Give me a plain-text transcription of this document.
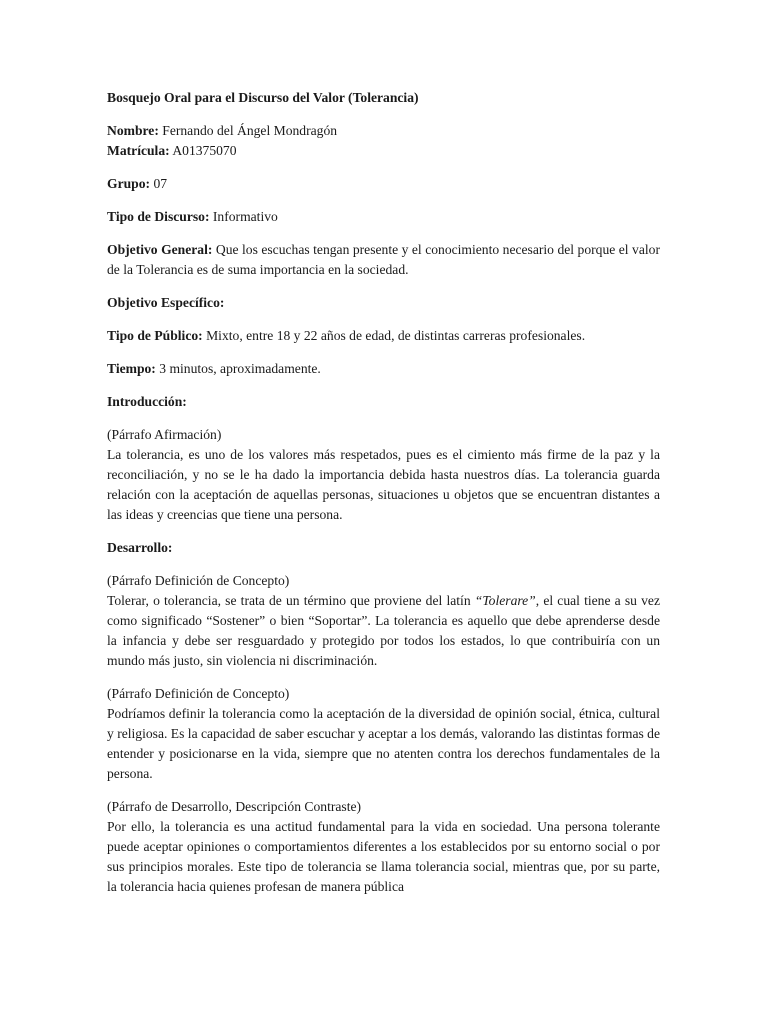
Bosquejo Oral para el Discurso del Valor (Tolerancia)

Nombre: Fernando del Ángel Mondragón

Matrícula: A01375070

Grupo: 07

Tipo de Discurso: Informativo

Objetivo General: Que los escuchas tengan presente y el conocimiento necesario del porque el valor de la Tolerancia es de suma importancia en la sociedad.

Objetivo Específico:

Tipo de Público: Mixto, entre 18 y 22 años de edad, de distintas carreras profesionales.

Tiempo: 3 minutos, aproximadamente.

Introducción:

(Párrafo Afirmación)

La tolerancia, es uno de los valores más respetados, pues es el cimiento más firme de la paz y la reconciliación, y no se le ha dado la importancia debida hasta nuestros días. La tolerancia guarda relación con la aceptación de aquellas personas, situaciones u objetos que se encuentran distantes a las ideas y creencias que tiene una persona.

Desarrollo:

(Párrafo Definición de Concepto)

Tolerar, o tolerancia, se trata de un término que proviene del latín “Tolerare”, el cual tiene a su vez como significado “Sostener” o bien “Soportar”. La tolerancia es aquello que debe aprenderse desde la infancia y debe ser resguardado y protegido por todos los estados, lo que contribuiría con un mundo más justo, sin violencia ni discriminación.

(Párrafo Definición de Concepto)

Podríamos definir la tolerancia como la aceptación de la diversidad de opinión social, étnica, cultural y religiosa. Es la capacidad de saber escuchar y aceptar a los demás, valorando las distintas formas de entender y posicionarse en la vida, siempre que no atenten contra los derechos fundamentales de la persona.

(Párrafo de Desarrollo, Descripción Contraste)

Por ello, la tolerancia es una actitud fundamental para la vida en sociedad. Una persona tolerante puede aceptar opiniones o comportamientos diferentes a los establecidos por su entorno social o por sus principios morales. Este tipo de tolerancia se llama tolerancia social, mientras que, por su parte, la tolerancia hacia quienes profesan de manera pública
